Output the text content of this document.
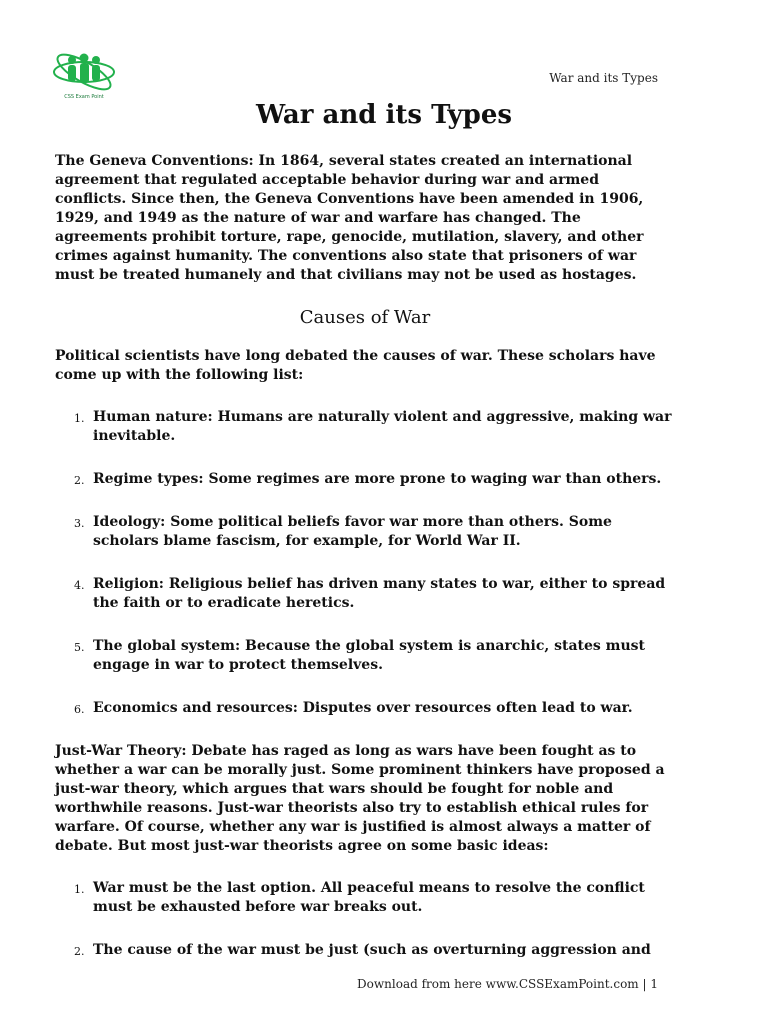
CSS Exam Point
War and its Types
War and its Types

The Geneva Conventions: In 1864, several states created an international agreement that regulated acceptable behavior during war and armed conflicts. Since then, the Geneva Conventions have been amended in 1906, 1929, and 1949 as the nature of war and warfare has changed. The agreements prohibit torture, rape, genocide, mutilation, slavery, and other crimes against humanity. The conventions also state that prisoners of war must be treated humanely and that civilians may not be used as hostages.

Causes of War

Political scientists have long debated the causes of war. These scholars have come up with the following list:

1. Human nature: Humans are naturally violent and aggressive, making war inevitable.
2. Regime types: Some regimes are more prone to waging war than others.
3. Ideology: Some political beliefs favor war more than others. Some scholars blame fascism, for example, for World War II.
4. Religion: Religious belief has driven many states to war, either to spread the faith or to eradicate heretics.
5. The global system: Because the global system is anarchic, states must engage in war to protect themselves.
6. Economics and resources: Disputes over resources often lead to war.

Just-War Theory: Debate has raged as long as wars have been fought as to whether a war can be morally just. Some prominent thinkers have proposed a just-war theory, which argues that wars should be fought for noble and worthwhile reasons. Just-war theorists also try to establish ethical rules for warfare. Of course, whether any war is justified is almost always a matter of debate. But most just-war theorists agree on some basic ideas:

1. War must be the last option. All peaceful means to resolve the conflict must be exhausted before war breaks out.
2. The cause of the war must be just (such as overturning aggression and
Download from here www.CSSExamPoint.com | 1
